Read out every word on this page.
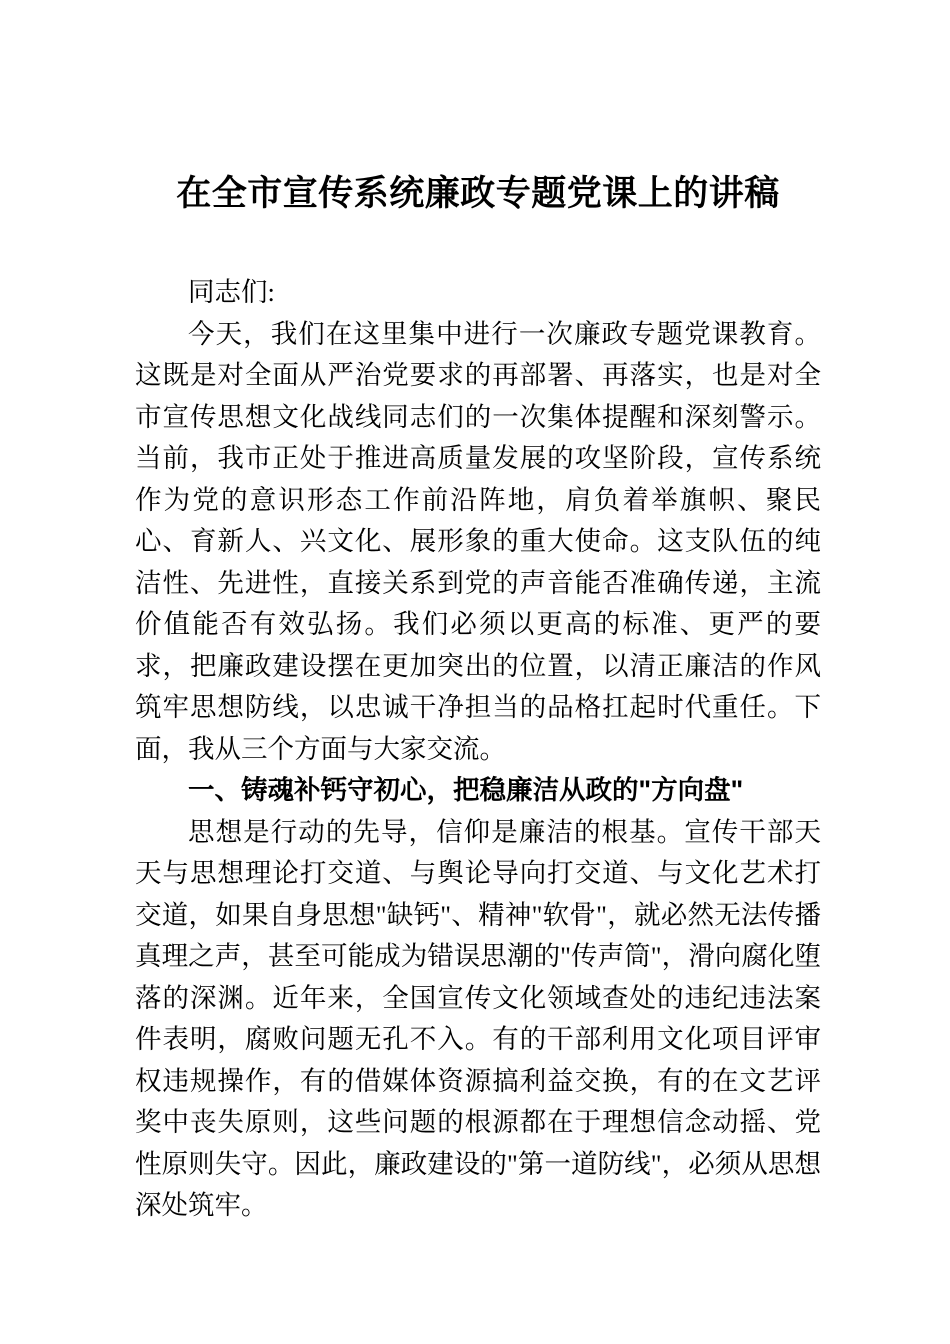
在全市宣传系统廉政专题党课上的讲稿

同志们:

今天，我们在这里集中进行一次廉政专题党课教育。这既是对全面从严治党要求的再部署、再落实，也是对全市宣传思想文化战线同志们的一次集体提醒和深刻警示。当前，我市正处于推进高质量发展的攻坚阶段，宣传系统作为党的意识形态工作前沿阵地，肩负着举旗帜、聚民心、育新人、兴文化、展形象的重大使命。这支队伍的纯洁性、先进性，直接关系到党的声音能否准确传递，主流价值能否有效弘扬。我们必须以更高的标准、更严的要求，把廉政建设摆在更加突出的位置，以清正廉洁的作风筑牢思想防线，以忠诚干净担当的品格扛起时代重任。下面，我从三个方面与大家交流。

一、铸魂补钙守初心，把稳廉洁从政的"方向盘"

思想是行动的先导，信仰是廉洁的根基。宣传干部天天与思想理论打交道、与舆论导向打交道、与文化艺术打交道，如果自身思想"缺钙"、精神"软骨"，就必然无法传播真理之声，甚至可能成为错误思潮的"传声筒"，滑向腐化堕落的深渊。近年来，全国宣传文化领域查处的违纪违法案件表明，腐败问题无孔不入。有的干部利用文化项目评审权违规操作，有的借媒体资源搞利益交换，有的在文艺评奖中丧失原则，这些问题的根源都在于理想信念动摇、党性原则失守。因此，廉政建设的"第一道防线"，必须从思想深处筑牢。
